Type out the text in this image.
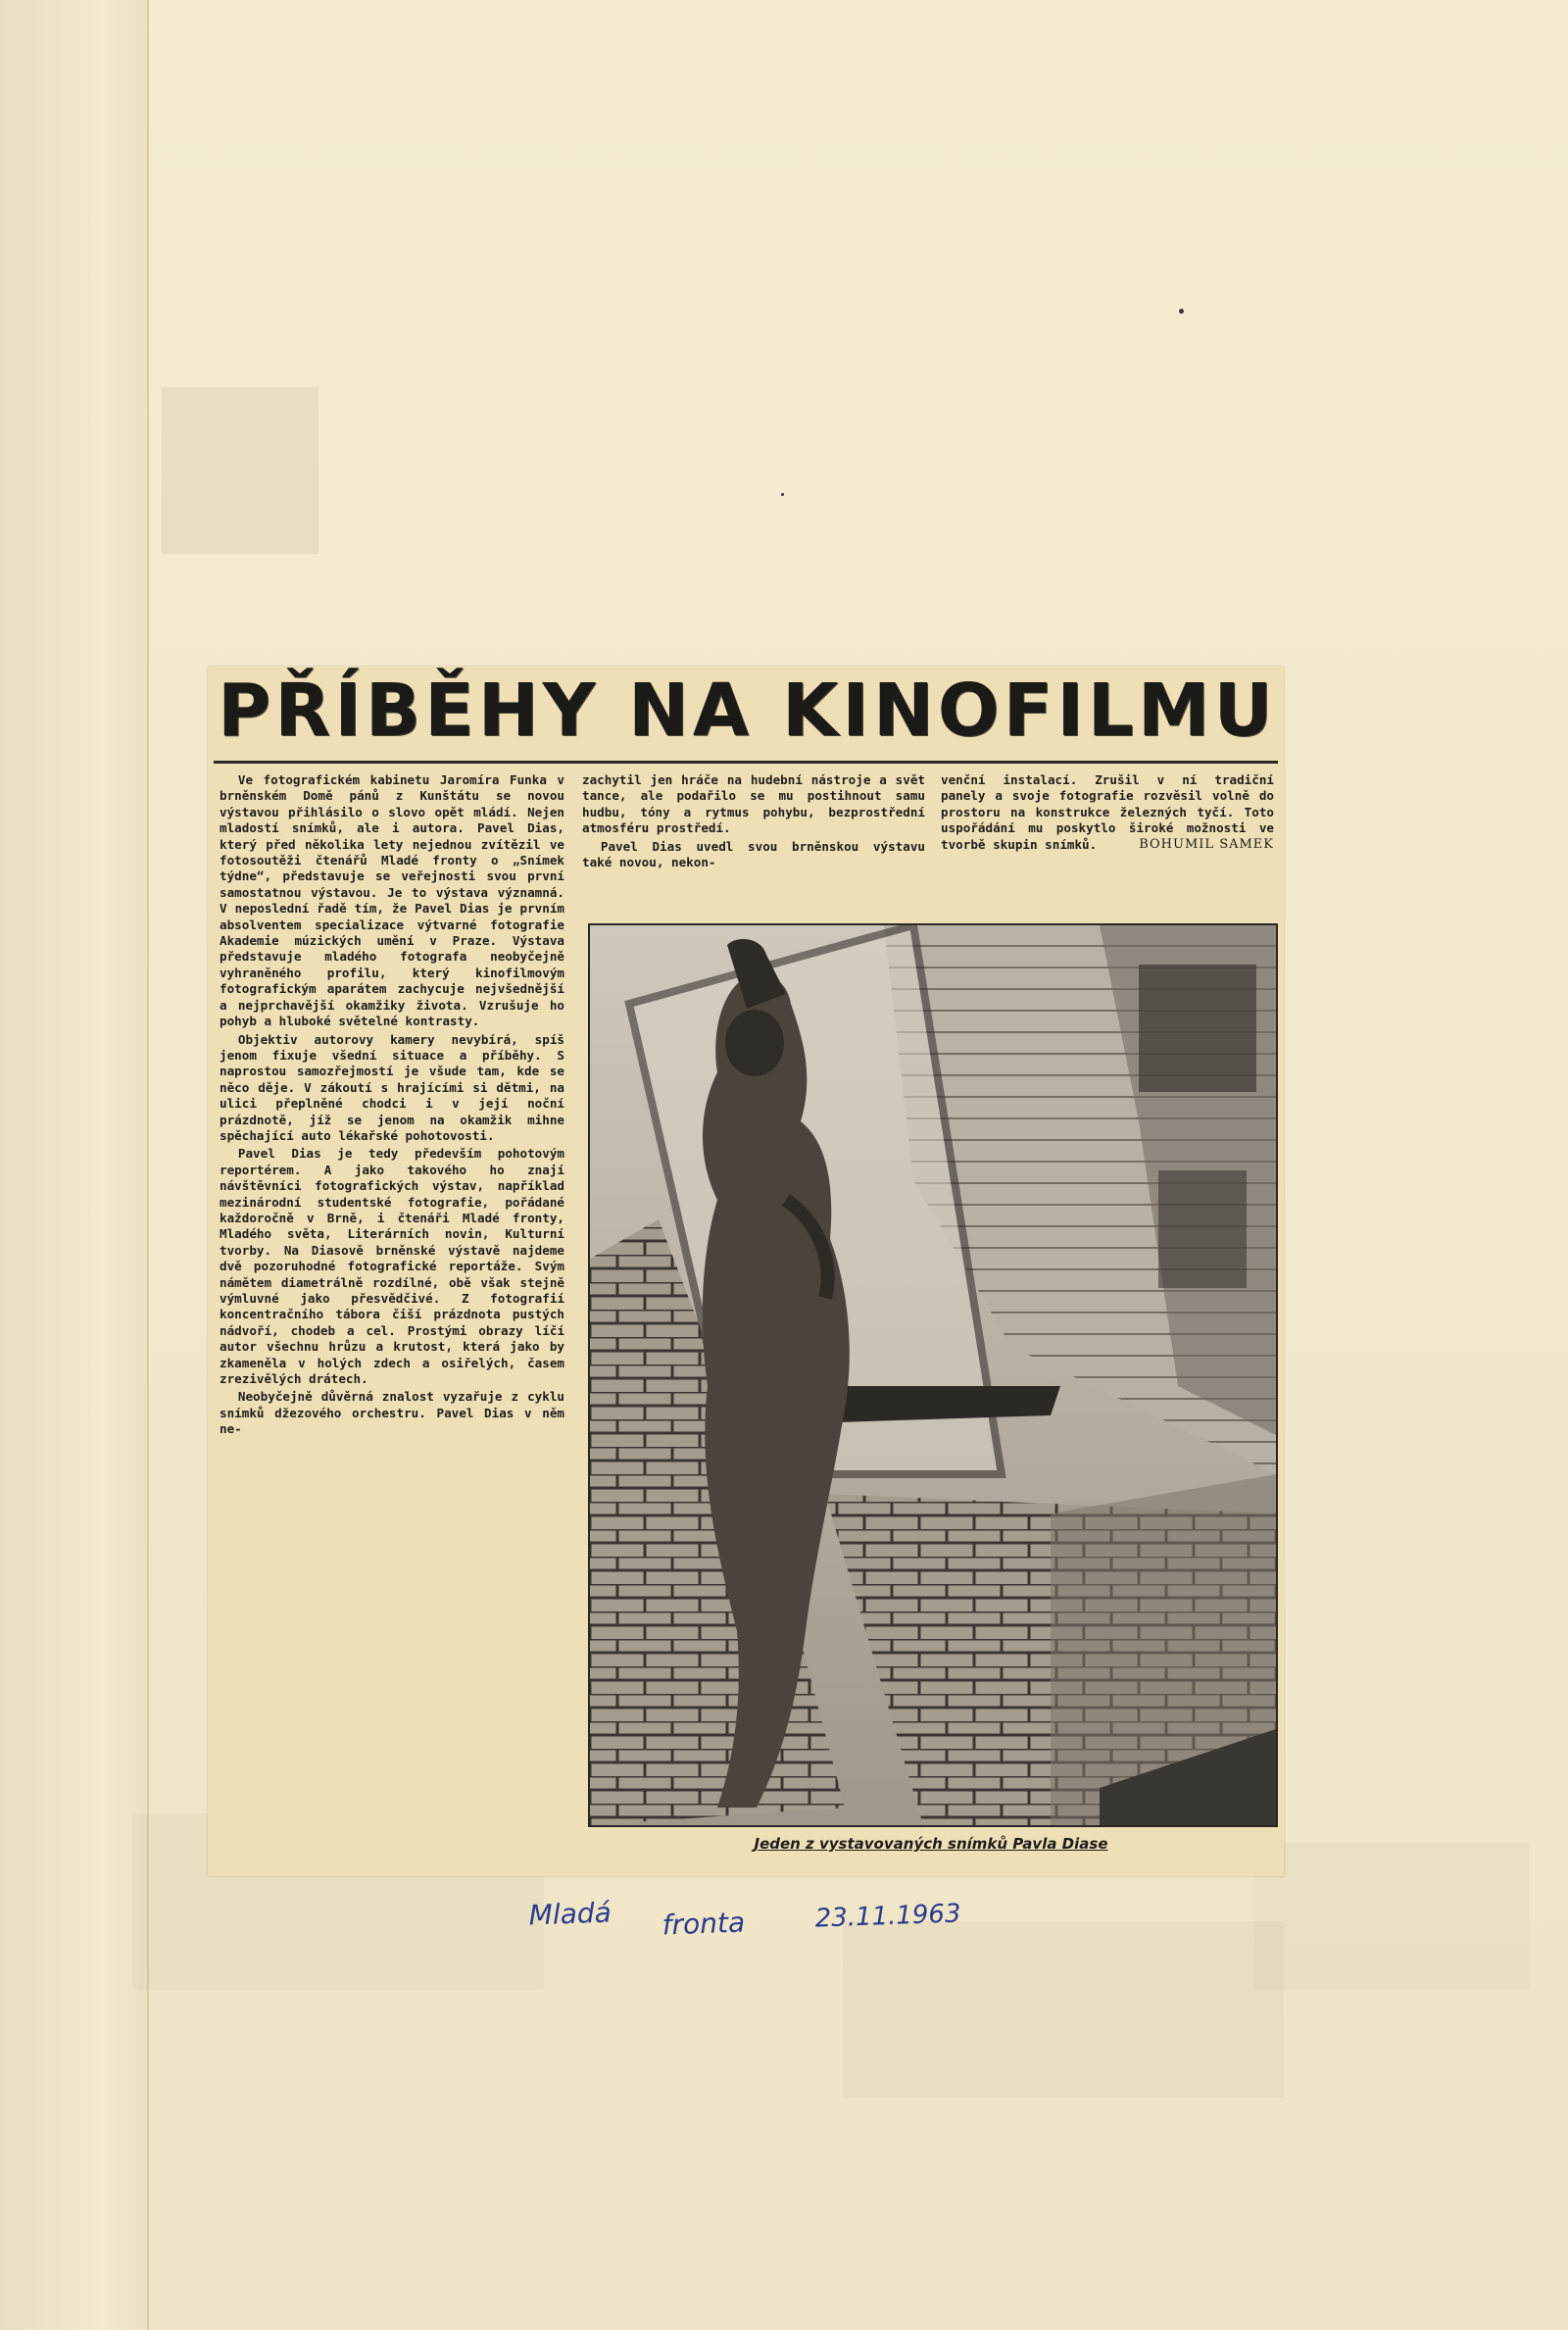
PŘÍBĚHY NA KINOFILMU

Ve fotografickém kabinetu Jaromíra Funka v brněnském Domě pánů z Kunštátu se novou výstavou přihlásilo o slovo opět mládí. Nejen mladostí snímků, ale i autora. Pavel Dias, který před několika lety nejednou zvítězil ve fotosoutěži čtenářů Mladé fronty o „Snímek týdne“, představuje se veřejnosti svou první samostatnou výstavou. Je to výstava významná. V neposlední řadě tím, že Pavel Dias je prvním absolventem specializace výtvarné fotografie Akademie múzických umění v Praze. Výstava představuje mladého fotografa neobyčejně vyhraněného profilu, který kinofilmovým fotografickým aparátem zachycuje nejvšednější a nejprchavější okamžiky života. Vzrušuje ho pohyb a hluboké světelné kontrasty.

Objektiv autorovy kamery nevybírá, spíš jenom fixuje všední situace a příběhy. S naprostou samozřejmostí je všude tam, kde se něco děje. V zákoutí s hrajícími si dětmi, na ulici přeplněné chodci i v její noční prázdnotě, jíž se jenom na okamžik mihne spěchající auto lékařské pohotovosti.

Pavel Dias je tedy především pohotovým reportérem. A jako takového ho znají návštěvníci fotografických výstav, například mezinárodní studentské fotografie, pořádané každoročně v Brně, i čtenáři Mladé fronty, Mladého světa, Literárních novin, Kulturní tvorby. Na Diasově brněnské výstavě najdeme dvě pozoruhodné fotografické reportáže. Svým námětem diametrálně rozdílné, obě však stejně výmluvné jako přesvědčivé. Z fotografií koncentračního tábora čiší prázdnota pustých nádvoří, chodeb a cel. Prostými obrazy líčí autor všechnu hrůzu a krutost, která jako by zkameněla v holých zdech a osiřelých, časem zrezivělých drátech.

Neobyčejně důvěrná znalost vyzařuje z cyklu snímků džezového orchestru. Pavel Dias v něm ne-

zachytil jen hráče na hudební nástroje a svět tance, ale podařilo se mu postihnout samu hudbu, tóny a rytmus pohybu, bezprostřední atmosféru prostředí.

Pavel Dias uvedl svou brněnskou výstavu také novou, nekon-

venční instalací. Zrušil v ní tradiční panely a svoje fotografie rozvěsil volně do prostoru na konstrukce železných tyčí. Toto uspořádání mu poskytlo široké možnosti ve tvorbě skupin snímků.	BOHUMIL SAMEK

Jeden z vystavovaných snímků Pavla Diase
Mladá fronta	23.11.1963
